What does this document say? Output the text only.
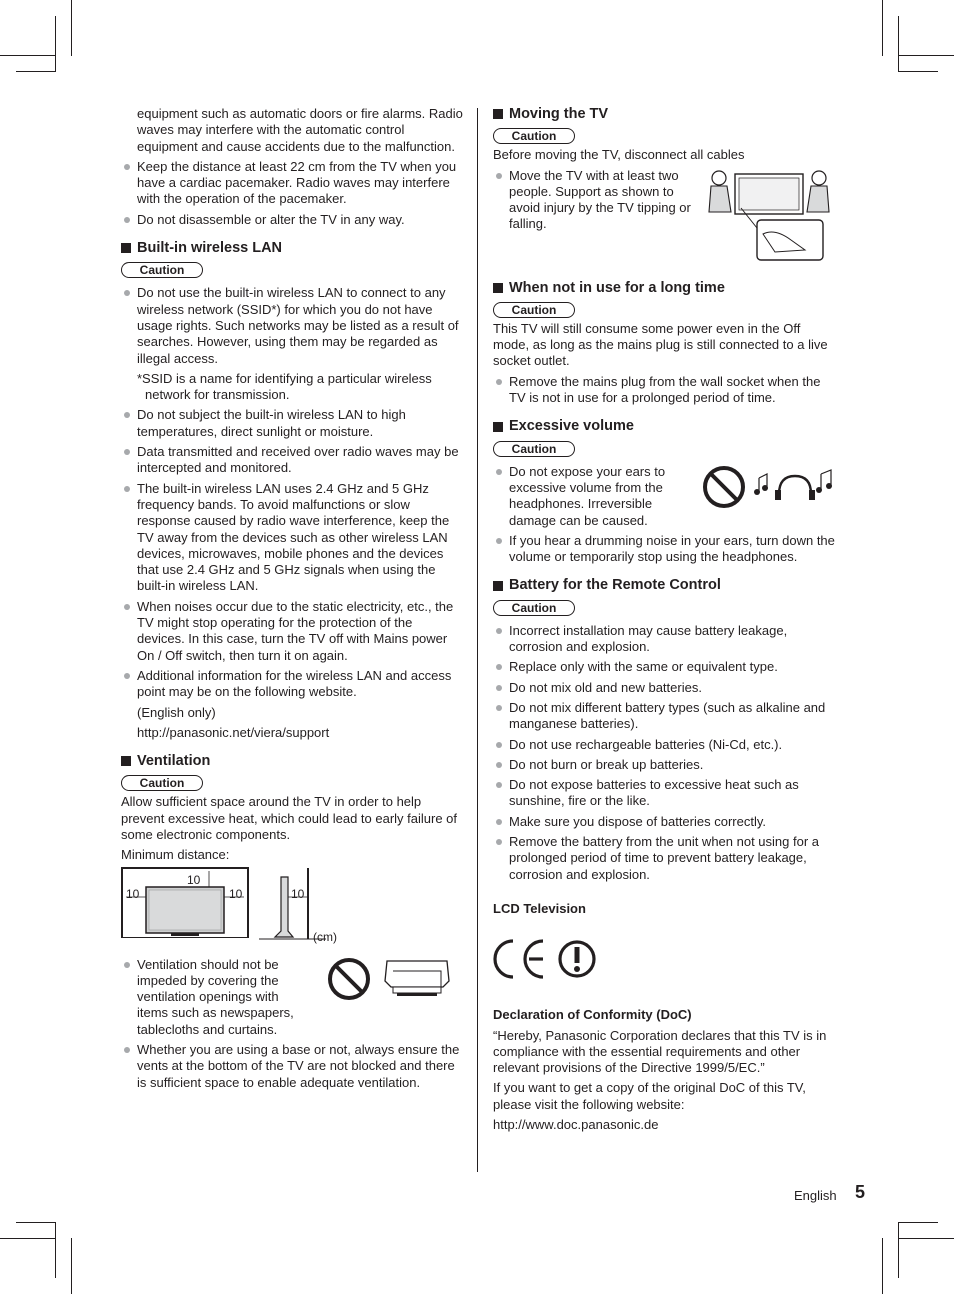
equipment such as automatic doors or fire alarms. Radio waves may interfere with the automatic control equipment and cause accidents due to the malfunction.

Keep the distance at least 22 cm from the TV when you have a cardiac pacemaker. Radio waves may interfere with the operation of the pacemaker.

Do not disassemble or alter the TV in any way.

Built-in wireless LAN
Caution

Do not use the built-in wireless LAN to connect to any wireless network (SSID*) for which you do not have usage rights. Such networks may be listed as a result of searches. However, using them may be regarded as illegal access.

*SSID is a name for identifying a particular wireless network for transmission.

Do not subject the built-in wireless LAN to high temperatures, direct sunlight or moisture.

Data transmitted and received over radio waves may be intercepted and monitored.

The built-in wireless LAN uses 2.4 GHz and 5 GHz frequency bands. To avoid malfunctions or slow response caused by radio wave interference, keep the TV away from the devices such as other wireless LAN devices, microwaves, mobile phones and the devices that use 2.4 GHz and 5 GHz signals when using the built-in wireless LAN.

When noises occur due to the static electricity, etc., the TV might stop operating for the protection of the devices. In this case, turn the TV off with Mains power On / Off switch, then turn it on again.

Additional information for the wireless LAN and access point may be on the following website.

(English only)

http://panasonic.net/viera/support

Ventilation
Caution

Allow sufficient space around the TV in order to help prevent excessive heat, which could lead to early failure of some electronic components.

Minimum distance:

10
10	10	10
(cm)

Ventilation should not be impeded by covering the ventilation openings with items such as newspapers, tablecloths and curtains.

Whether you are using a base or not, always ensure the vents at the bottom of the TV are not blocked and there is sufficient space to enable adequate ventilation.

Moving the TV
Caution

Before moving the TV, disconnect all cables

Move the TV with at least two people. Support as shown to avoid injury by the TV tipping or falling.

When not in use for a long time
Caution

This TV will still consume some power even in the Off mode, as long as the mains plug is still connected to a live socket outlet.

Remove the mains plug from the wall socket when the TV is not in use for a prolonged period of time.

Excessive volume
Caution

Do not expose your ears to excessive volume from the headphones. Irreversible damage can be caused.

If you hear a drumming noise in your ears, turn down the volume or temporarily stop using the headphones.

Battery for the Remote Control
Caution

Incorrect installation may cause battery leakage, corrosion and explosion.

Replace only with the same or equivalent type.

Do not mix old and new batteries.

Do not mix different battery types (such as alkaline and manganese batteries).

Do not use rechargeable batteries (Ni-Cd, etc.).

Do not burn or break up batteries.

Do not expose batteries to excessive heat such as sunshine, fire or the like.

Make sure you dispose of batteries correctly.

Remove the battery from the unit when not using for a prolonged period of time to prevent battery leakage, corrosion and explosion.

LCD Television

Declaration of Conformity (DoC)

“Hereby, Panasonic Corporation declares that this TV is in compliance with the essential requirements and other relevant provisions of the Directive 1999/5/EC.”

If you want to get a copy of the original DoC of this TV, please visit the following website:

http://www.doc.panasonic.de

English 5
